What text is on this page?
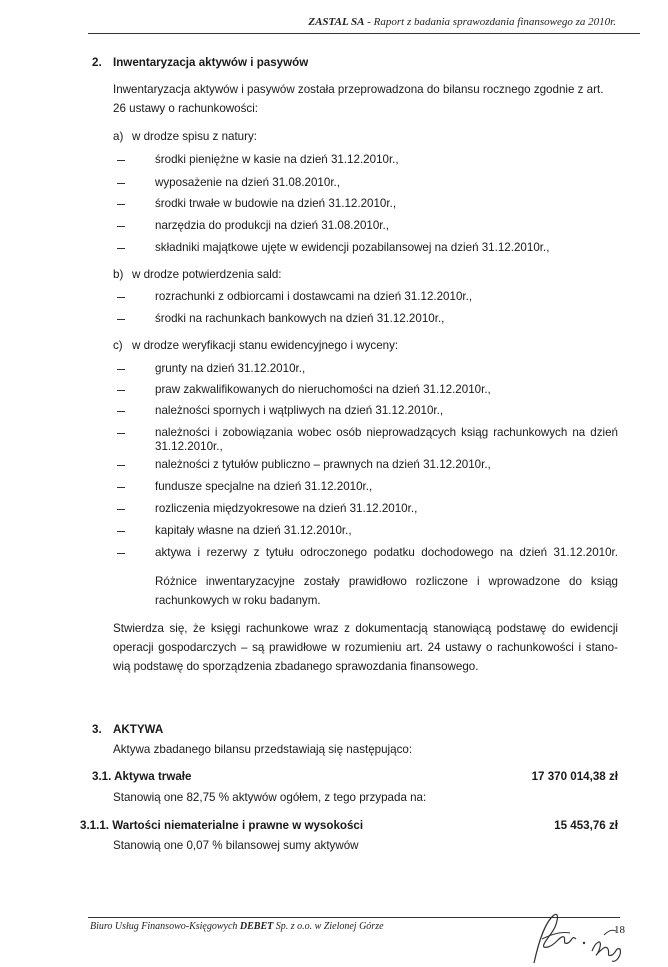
ZASTAL SA - Raport z badania sprawozdania finansowego za 2010r.
2. Inwentaryzacja aktywów i pasywów
Inwentaryzacja aktywów i pasywów została przeprowadzona do bilansu rocznego zgodnie z art.
26 ustawy o rachunkowości:
a) w drodze spisu z natury:
środki pieniężne w kasie na dzień 31.12.2010r.,
wyposażenie na dzień 31.08.2010r.,
środki trwałe w budowie na dzień 31.12.2010r.,
narzędzia do produkcji na dzień 31.08.2010r.,
składniki majątkowe ujęte w ewidencji pozabilansowej na dzień 31.12.2010r.,
b) w drodze potwierdzenia sald:
rozrachunki z odbiorcami i dostawcami na dzień 31.12.2010r.,
środki na rachunkach bankowych na dzień 31.12.2010r.,
c) w drodze weryfikacji stanu ewidencyjnego i wyceny:
grunty na dzień 31.12.2010r.,
praw zakwalifikowanych do nieruchomości na dzień 31.12.2010r.,
należności spornych i wątpliwych na dzień 31.12.2010r.,
należności i zobowiązania wobec osób nieprowadzących ksiąg rachunkowych na dzień
31.12.2010r.,
należności z tytułów publiczno – prawnych na dzień 31.12.2010r.,
fundusze specjalne na dzień 31.12.2010r.,
rozliczenia międzyokresowe na dzień 31.12.2010r.,
kapitały własne na dzień 31.12.2010r.,
aktywa i rezerwy z tytułu odroczonego podatku dochodowego na dzień 31.12.2010r.
Różnice inwentaryzacyjne zostały prawidłowo rozliczone i wprowadzone do ksiąg
rachunkowych w roku badanym.
Stwierdza się, że księgi rachunkowe wraz z dokumentacją stanowiącą podstawę do ewidencji
operacji gospodarczych – są prawidłowe w rozumieniu art. 24 ustawy o rachunkowości i stano-
wią podstawę do sporządzenia zbadanego sprawozdania finansowego.
3. AKTYWA
Aktywa zbadanego bilansu przedstawiają się następująco:
3.1. Aktywa trwałe	17 370 014,38 zł
Stanowią one 82,75 % aktywów ogółem, z tego przypada na:
3.1.1. Wartości niematerialne i prawne w wysokości	15 453,76 zł
Stanowią one 0,07 % bilansowej sumy aktywów
Biuro Usług Finansowo-Księgowych DEBET Sp. z o.o. w Zielonej Górze	18
